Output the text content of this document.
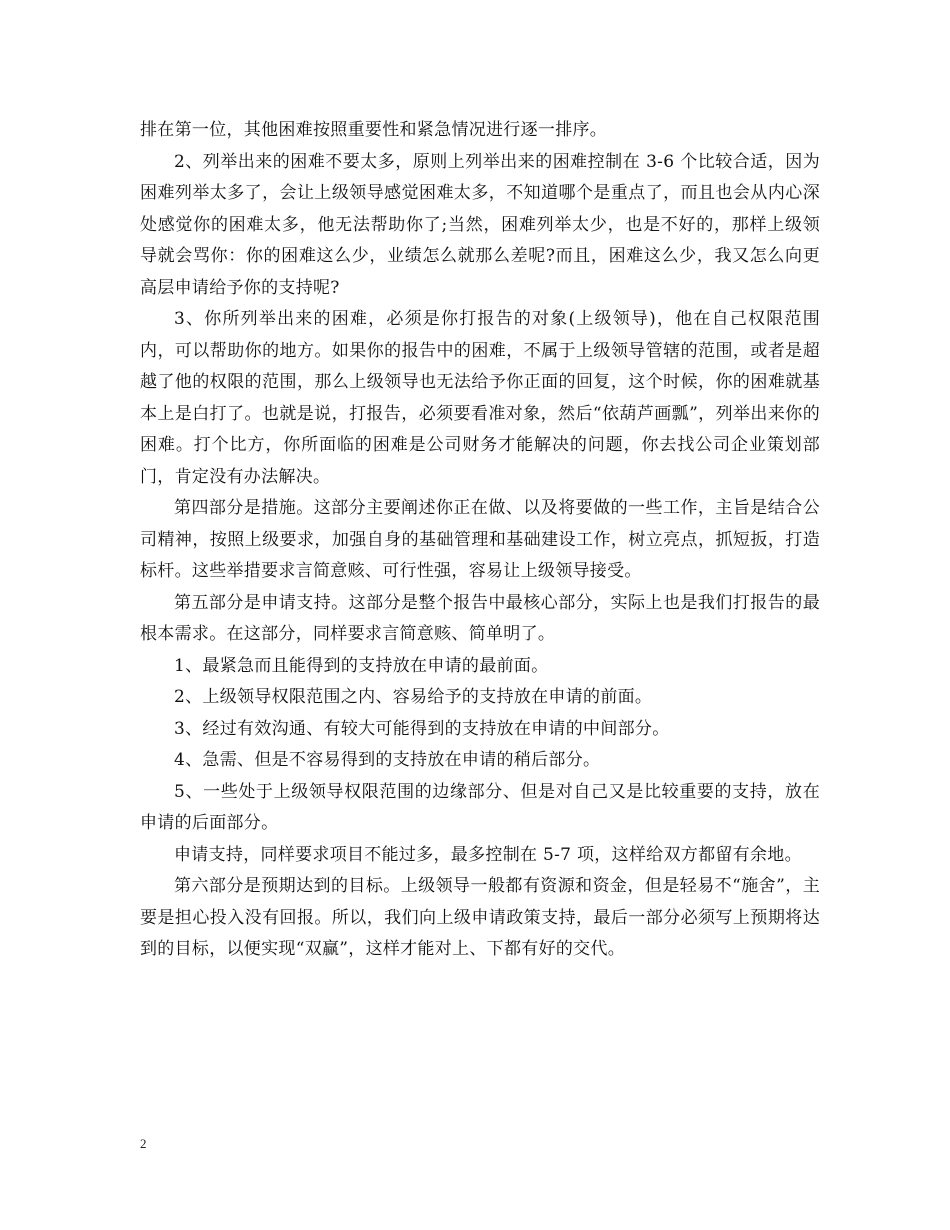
排在第一位，其他困难按照重要性和紧急情况进行逐一排序。

2、列举出来的困难不要太多，原则上列举出来的困难控制在 3-6 个比较合适，因为困难列举太多了，会让上级领导感觉困难太多，不知道哪个是重点了，而且也会从内心深处感觉你的困难太多，他无法帮助你了;当然，困难列举太少，也是不好的，那样上级领导就会骂你：你的困难这么少，业绩怎么就那么差呢?而且，困难这么少，我又怎么向更高层申请给予你的支持呢?

3、你所列举出来的困难，必须是你打报告的对象(上级领导)，他在自己权限范围内，可以帮助你的地方。如果你的报告中的困难，不属于上级领导管辖的范围，或者是超越了他的权限的范围，那么上级领导也无法给予你正面的回复，这个时候，你的困难就基本上是白打了。也就是说，打报告，必须要看准对象，然后“依葫芦画瓢”，列举出来你的困难。打个比方，你所面临的困难是公司财务才能解决的问题，你去找公司企业策划部门，肯定没有办法解决。

第四部分是措施。这部分主要阐述你正在做、以及将要做的一些工作，主旨是结合公司精神，按照上级要求，加强自身的基础管理和基础建设工作，树立亮点，抓短扳，打造标杆。这些举措要求言简意赅、可行性强，容易让上级领导接受。

第五部分是申请支持。这部分是整个报告中最核心部分，实际上也是我们打报告的最根本需求。在这部分，同样要求言简意赅、简单明了。

1、最紧急而且能得到的支持放在申请的最前面。

2、上级领导权限范围之内、容易给予的支持放在申请的前面。

3、经过有效沟通、有较大可能得到的支持放在申请的中间部分。

4、急需、但是不容易得到的支持放在申请的稍后部分。

5、一些处于上级领导权限范围的边缘部分、但是对自己又是比较重要的支持，放在申请的后面部分。

申请支持，同样要求项目不能过多，最多控制在 5-7 项，这样给双方都留有余地。

第六部分是预期达到的目标。上级领导一般都有资源和资金，但是轻易不“施舍”，主要是担心投入没有回报。所以，我们向上级申请政策支持，最后一部分必须写上预期将达到的目标，以便实现“双赢”，这样才能对上、下都有好的交代。

2
